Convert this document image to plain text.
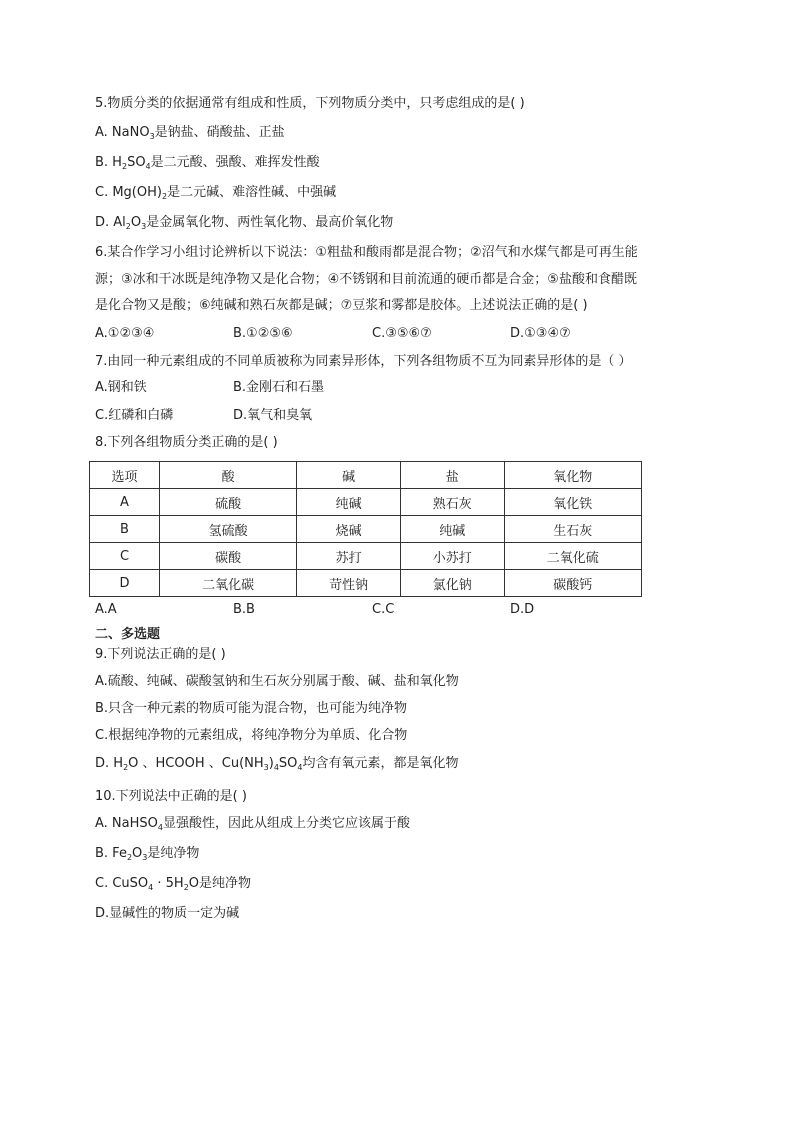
5.物质分类的依据通常有组成和性质，下列物质分类中，只考虑组成的是( )
A. NaNO$_3$是钠盐、硝酸盐、正盐
B. $H_2SO_4$是二元酸、强酸、难挥发性酸
C. $Mg(OH)_2$是二元碱、难溶性碱、中强碱
D. $Al_2O_3$是金属氧化物、两性氧化物、最高价氧化物
6.某合作学习小组讨论辨析以下说法：①粗盐和酸雨都是混合物；②沼气和水煤气都是可再生能
源；③冰和干冰既是纯净物又是化合物；④不锈钢和目前流通的硬币都是合金；⑤盐酸和食醋既
是化合物又是酸；⑥纯碱和熟石灰都是碱；⑦豆浆和雾都是胶体。上述说法正确的是( )
A.①②③④	B.①②⑤⑥	C.③⑤⑥⑦	D.①③④⑦
7.由同一种元素组成的不同单质被称为同素异形体，下列各组物质不互为同素异形体的是（ ）
A.钢和铁	B.金刚石和石墨
C.红磷和白磷	D.氧气和臭氧
8.下列各组物质分类正确的是( )
选项	酸	碱	盐	氧化物
A	硫酸	纯碱	熟石灰	氧化铁
B	氢硫酸	烧碱	纯碱	生石灰
C	碳酸	苏打	小苏打	二氧化硫
D	二氧化碳	苛性钠	氯化钠	碳酸钙
A.A	B.B	C.C	D.D
二、多选题
9.下列说法正确的是( )
A.硫酸、纯碱、碳酸氢钠和生石灰分别属于酸、碱、盐和氧化物
B.只含一种元素的物质可能为混合物，也可能为纯净物
C.根据纯净物的元素组成，将纯净物分为单质、化合物
D. $H_2O$ 、HCOOH 、$Cu(NH_3)_4SO_4$均含有氧元素，都是氧化物
10.下列说法中正确的是( )
A. NaHSO$_4$显强酸性，因此从组成上分类它应该属于酸
B. $Fe_2O_3$是纯净物
C. CuSO$_4$ · $5H_2O$是纯净物
D.显碱性的物质一定为碱
